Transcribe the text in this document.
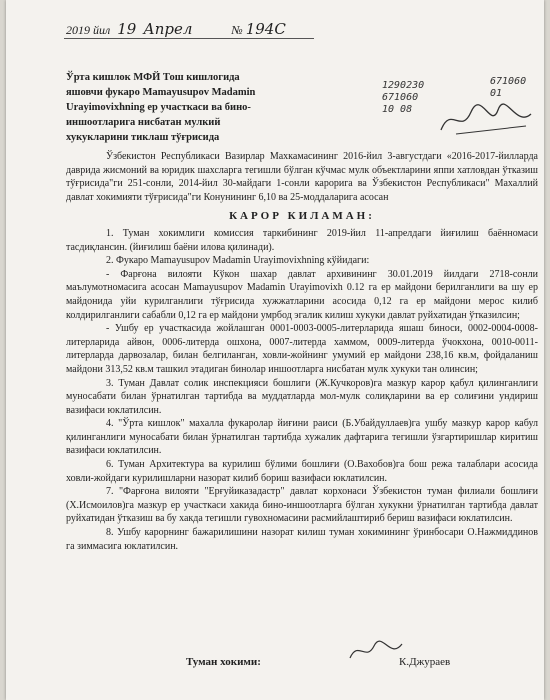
2019 йил 19 Апрел	№ 194С

Ўрта кишлок МФЙ Тош кишлогида

яшовчи фукаро Mamayusupov Madamin

Urayimovixhning ер участкаси ва бино-

иншоотларига нисбатан мулкий

хукукларини тиклаш тўғрисида

1290230

671060

10 08

671060

01

Ўзбекистон Республикаси Вазирлар Махкамасининг 2016-йил 3-августдаги «2016-2017-йилларда даврида жисмоний ва юридик шахсларга тегишли бўлган кўчмас мулк объектларини яппи хатловдан ўтказиш тўғрисида"ги 251-сонли, 2014-йил 30-майдаги 1-сонли карорига ва Ўзбекистон Республикаси" Махаллий давлат хокимияти тўғрисида"ги Конунининг 6,10 ва 25-моддаларига асосан

КАРОР КИЛАМАН:

1. Туман хокимлиги комиссия таркибининг 2019-йил 11-апрелдаги йиғилиш баённомаси тасдиқлансин. (йиғилиш баёни илова қилинади).

2. Фукаро Mamayusupov Madamin Urayimovixhning кўйидаги:

- Фарғона вилояти Кўкон шахар давлат архивининг 30.01.2019 йилдаги 2718-сонли маълумотномасига асосан Mamayusupov Madamin Urayimovixh 0.12 га ер майдони берилганлиги ва шу ер майдонида уйи курилганлиги тўғрисида хужжатларини асосида 0,12 га ер майдони мерос килиб колдирилганлиги сабабли 0,12 га ер майдони умрбод эгалик килиш хукуки давлат руйхатидан ўтказилсин;

- Ушбу ер участкасида жойлашган 0001-0003-0005-литерларида яшаш биноси, 0002-0004-0008-литерларида айвон, 0006-литерда ошхона, 0007-литерда хаммом, 0009-литерда ўчокхона, 0010-0011-литерларда дарвозалар, билан белгиланган, ховли-жойнинг умумий ер майдони 238,16 кв.м, фойдаланиш майдони 313,52 кв.м ташкил этадиган бинолар иншоотларга нисбатан мулк хукуки тан олинсин;

3. Туман Давлат солик инспекцияси бошлиги (Ж.Кучкоров)га мазкур карор қабул қилинганлиги муносабати билан ўрнатилган тартибда ва муддатларда мол-мулк солиқларини ва ер солиғини ундириш вазифаси юклатилсин.

4. "Ўрта кишлок" махалла фукаролар йиғини раиси (Б.Убайдуллаев)га ушбу мазкур карор кабул қилинганлиги муносабати билан ўрнатилган тартибда хужалик дафтарига тегишли ўзгартиришлар киритиш вазифаси юклатилсин.

6. Туман Архитектура ва курилиш бўлими бошлиғи (О.Вахобов)га бош режа талаблари асосида ховли-жойдаги курилишларни назорат килиб бориш вазифаси юклатилсин.

7. "Фарғона вилояти "Ерғуйиказадастр" давлат корхонаси Ўзбекистон туман филиали бошлиғи (Х.Исмоилов)га мазкур ер участкаси хакида бино-иншоотларга бўлган хукукни ўрнатилган тартибда давлат руйхатидан ўтказиш ва бу хакда тегишли гувохномасини расмийлаштириб бериш вазифаси юклатилсин.

8. Ушбу карорнинг бажарилишини назорат килиш туман хокимининг ўринбосари О.Нажмиддинов га зиммасига юклатилсин.

Туман хокими:	К.Джураев
